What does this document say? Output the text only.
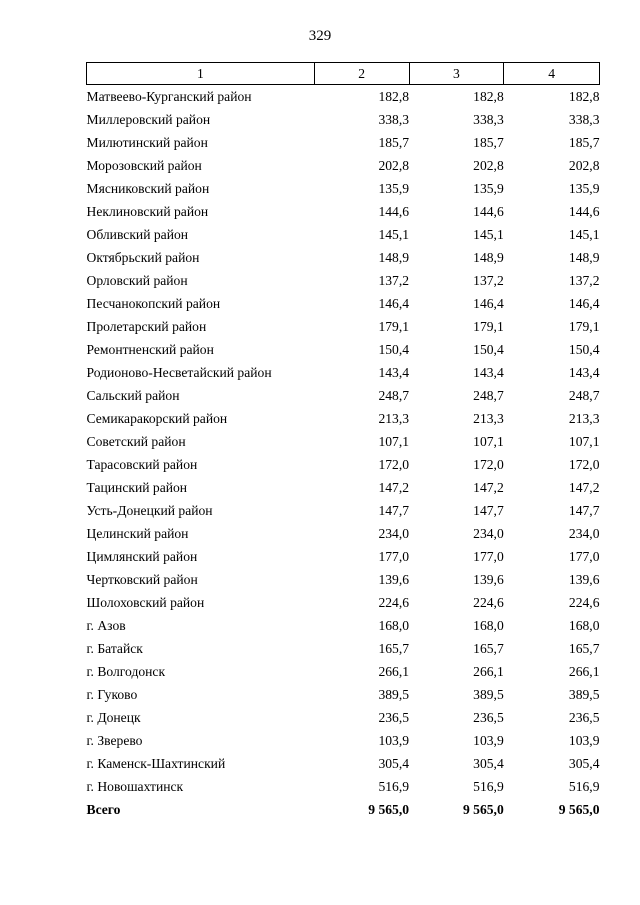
329
1	2	3	4
Матвеево-Курганский район	182,8	182,8	182,8
Миллеровский район	338,3	338,3	338,3
Милютинский район	185,7	185,7	185,7
Морозовский район	202,8	202,8	202,8
Мясниковский район	135,9	135,9	135,9
Неклиновский район	144,6	144,6	144,6
Обливский район	145,1	145,1	145,1
Октябрьский район	148,9	148,9	148,9
Орловский район	137,2	137,2	137,2
Песчанокопский район	146,4	146,4	146,4
Пролетарский район	179,1	179,1	179,1
Ремонтненский район	150,4	150,4	150,4
Родионово-Несветайский район	143,4	143,4	143,4
Сальский район	248,7	248,7	248,7
Семикаракорский район	213,3	213,3	213,3
Советский район	107,1	107,1	107,1
Тарасовский район	172,0	172,0	172,0
Тацинский район	147,2	147,2	147,2
Усть-Донецкий район	147,7	147,7	147,7
Целинский район	234,0	234,0	234,0
Цимлянский район	177,0	177,0	177,0
Чертковский район	139,6	139,6	139,6
Шолоховский район	224,6	224,6	224,6
г. Азов	168,0	168,0	168,0
г. Батайск	165,7	165,7	165,7
г. Волгодонск	266,1	266,1	266,1
г. Гуково	389,5	389,5	389,5
г. Донецк	236,5	236,5	236,5
г. Зверево	103,9	103,9	103,9
г. Каменск-Шахтинский	305,4	305,4	305,4
г. Новошахтинск	516,9	516,9	516,9
Всего	9 565,0	9 565,0	9 565,0
